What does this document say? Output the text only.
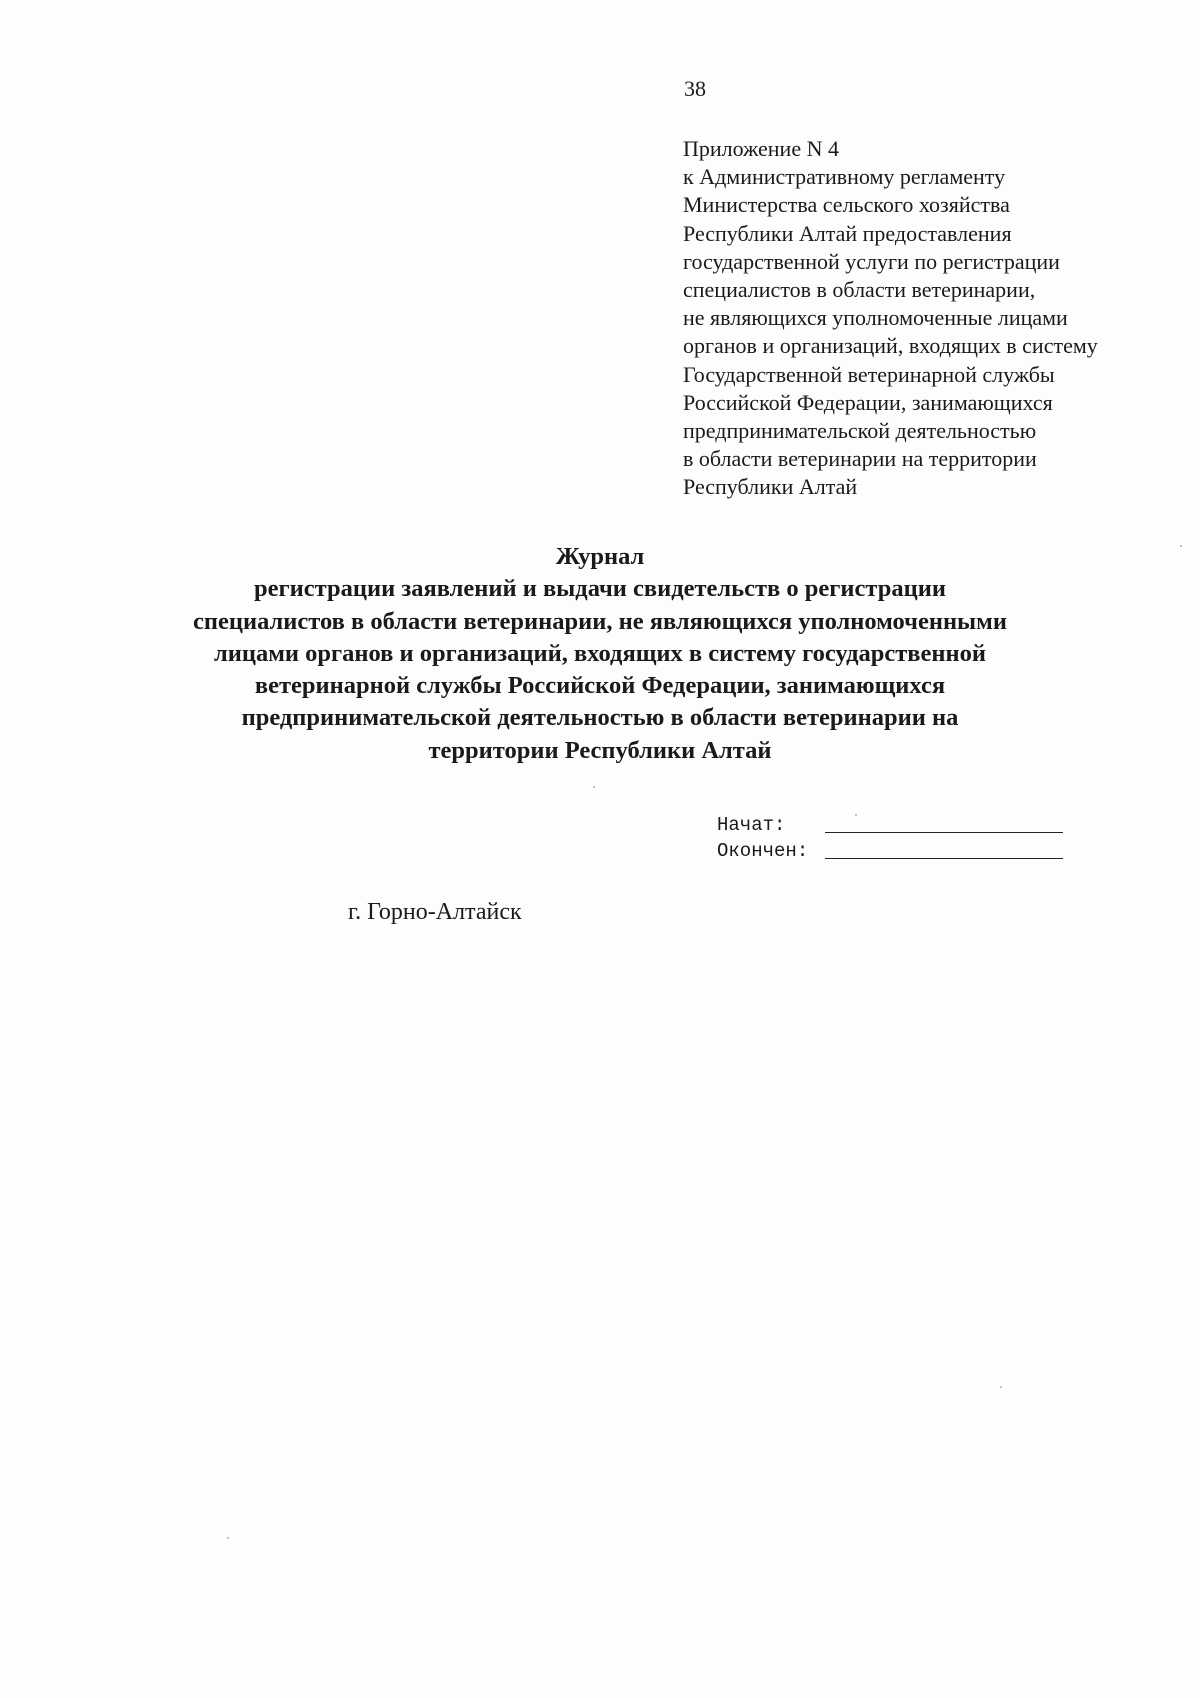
38
Приложение N 4
к Административному регламенту
Министерства сельского хозяйства
Республики Алтай предоставления
государственной услуги по регистрации
специалистов в области ветеринарии,
не являющихся уполномоченные лицами
органов и организаций, входящих в систему
Государственной ветеринарной службы
Российской Федерации, занимающихся
предпринимательской деятельностью
в области ветеринарии на территории
Республики Алтай
Журнал
регистрации заявлений и выдачи свидетельств о регистрации
специалистов в области ветеринарии, не являющихся уполномоченными
лицами органов и организаций, входящих в систему государственной
ветеринарной службы Российской Федерации, занимающихся
предпринимательской деятельностью в области ветеринарии на
территории Республики Алтай
Начат:
Окончен:
г. Горно-Алтайск
